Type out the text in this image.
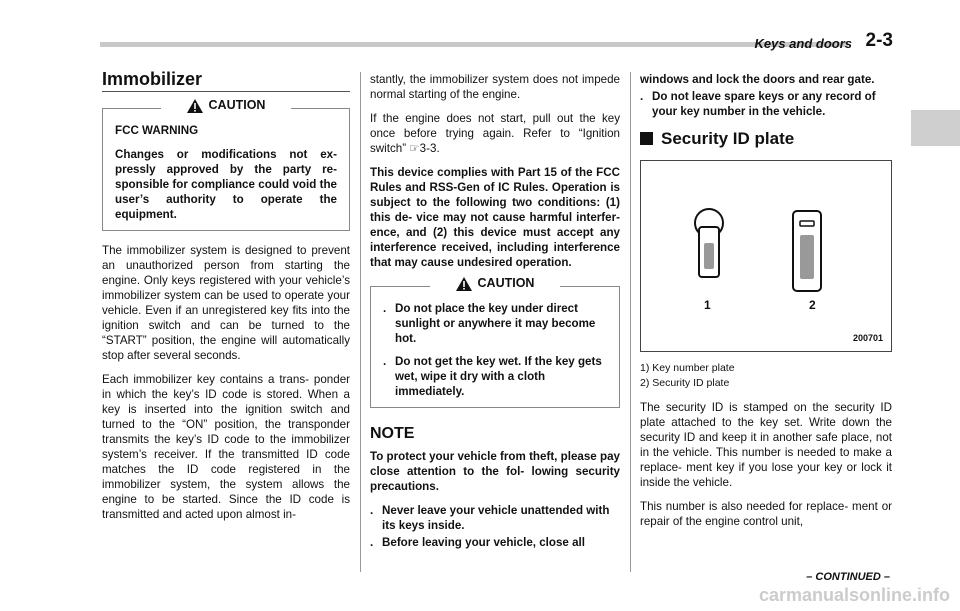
Keys and doors 2-3
Immobilizer
CAUTION

FCC WARNING

Changes or modifications not ex- pressly approved by the party re- sponsible for compliance could void the user’s authority to operate the equipment.

The immobilizer system is designed to prevent an unauthorized person from starting the engine. Only keys registered with your vehicle’s immobilizer system can be used to operate your vehicle. Even if an unregistered key fits into the ignition switch and can be turned to the “START” position, the engine will automatically stop after several seconds.

Each immobilizer key contains a trans- ponder in which the key’s ID code is stored. When a key is inserted into the ignition switch and turned to the “ON” position, the transponder transmits the key’s ID code to the immobilizer system’s receiver. If the transmitted ID code matches the ID code registered in the immobilizer system, the system allows the engine to be started. Since the ID code is transmitted and acted upon almost in-

stantly, the immobilizer system does not impede normal starting of the engine.

If the engine does not start, pull out the key once before trying again. Refer to “Ignition switch” ☞3-3.

This device complies with Part 15 of the FCC Rules and RSS-Gen of IC Rules. Operation is subject to the following two conditions: (1) this de- vice may not cause harmful interfer- ence, and (2) this device must accept any interference received, including interference that may cause undesired operation.

CAUTION
. Do not place the key under direct sunlight or anywhere it may become hot.
. Do not get the key wet. If the key gets wet, wipe it dry with a cloth immediately.
NOTE

To protect your vehicle from theft, please pay close attention to the fol- lowing security precautions.

. Never leave your vehicle unattended with its keys inside.
. Before leaving your vehicle, close all

windows and lock the doors and rear gate.

. Do not leave spare keys or any record of your key number in the vehicle.
Security ID plate
1	2
200701
1) Key number plate
2) Security ID plate

The security ID is stamped on the security ID plate attached to the key set. Write down the security ID and keep it in another safe place, not in the vehicle. This number is needed to make a replace- ment key if you lose your key or lock it inside the vehicle.

This number is also needed for replace- ment or repair of the engine control unit,

– CONTINUED –
carmanualsonline.info
